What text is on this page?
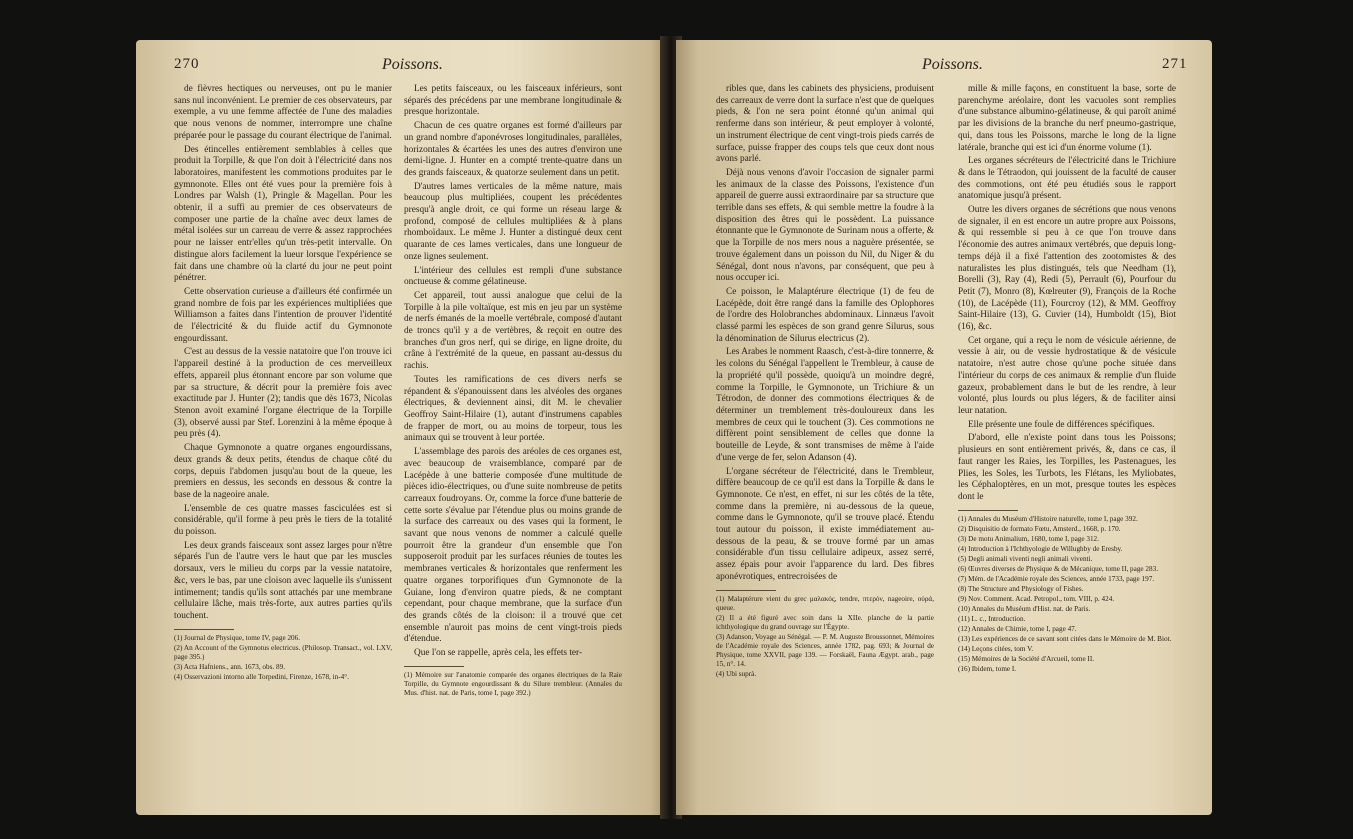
270	Poissons.

de fièvres hectiques ou nerveuses, ont pu le manier sans nul inconvénient. Le premier de ces observateurs, par exemple, a vu une femme affectée de l'une des maladies que nous venons de nommer, interrompre une chaîne préparée pour le passage du courant électrique de l'animal.

Des étincelles entièrement semblables à celles que produit la Torpille, & que l'on doit à l'électricité dans nos laboratoires, manifestent les commotions produites par le gymnonote. Elles ont été vues pour la première fois à Londres par Walsh (1), Pringle & Magellan. Pour les obtenir, il a suffi au premier de ces observateurs de composer une partie de la chaîne avec deux lames de métal isolées sur un carreau de verre & assez rapprochées pour ne laisser entr'elles qu'un très-petit intervalle. On distingue alors facilement la lueur lorsque l'expérience se fait dans une chambre où la clarté du jour ne peut point pénétrer.

Cette observation curieuse a d'ailleurs été confirmée un grand nombre de fois par les expériences multipliées que Williamson a faites dans l'intention de prouver l'identité de l'électricité & du fluide actif du Gymnonote engourdissant.

C'est au dessus de la vessie natatoire que l'on trouve ici l'appareil destiné à la production de ces merveilleux effets, appareil plus étonnant encore par son volume que par sa structure, & décrit pour la première fois avec exactitude par J. Hunter (2); tandis que dès 1673, Nicolas Stenon avoit examiné l'organe électrique de la Torpille (3), observé aussi par Stef. Lorenzini à la même époque à peu près (4).

Chaque Gymnonote a quatre organes engourdissans, deux grands & deux petits, étendus de chaque côté du corps, depuis l'abdomen jusqu'au bout de la queue, les premiers en dessus, les seconds en dessous & contre la base de la nageoire anale.

L'ensemble de ces quatre masses fasciculées est si considérable, qu'il forme à peu près le tiers de la totalité du poisson.

Les deux grands faisceaux sont assez larges pour n'être séparés l'un de l'autre vers le haut que par les muscles dorsaux, vers le milieu du corps par la vessie natatoire, &c, vers le bas, par une cloison avec laquelle ils s'unissent intimement; tandis qu'ils sont attachés par une membrane cellulaire lâche, mais très-forte, aux autres parties qu'ils touchent.

(1) Journal de Physique, tome IV, page 206.

(2) An Account of the Gymnotus electricus. (Philosop. Transact., vol. LXV, page 395.)

(3) Acta Hafniens., ann. 1673, obs. 89.

(4) Osservazioni intorno alle Torpedini, Firenze, 1678, in-4°.

Les petits faisceaux, ou les faisceaux inférieurs, sont séparés des précédens par une membrane longitudinale & presque horizontale.

Chacun de ces quatre organes est formé d'ailleurs par un grand nombre d'aponévroses longitudinales, parallèles, horizontales & écartées les unes des autres d'environ une demi-ligne. J. Hunter en a compté trente-quatre dans un des grands faisceaux, & quatorze seulement dans un petit.

D'autres lames verticales de la même nature, mais beaucoup plus multipliées, coupent les précédentes presqu'à angle droit, ce qui forme un réseau large & profond, composé de cellules multipliées & à plans rhomboïdaux. Le même J. Hunter a distingué deux cent quarante de ces lames verticales, dans une longueur de onze lignes seulement.

L'intérieur des cellules est rempli d'une substance onctueuse & comme gélatineuse.

Cet appareil, tout aussi analogue que celui de la Torpille à la pile voltaïque, est mis en jeu par un système de nerfs émanés de la moelle vertébrale, composé d'autant de troncs qu'il y a de vertèbres, & reçoit en outre des branches d'un gros nerf, qui se dirige, en ligne droite, du crâne à l'extrémité de la queue, en passant au-dessus du rachis.

Toutes les ramifications de ces divers nerfs se répandent & s'épanouissent dans les alvéoles des organes électriques, & deviennent ainsi, dit M. le chevalier Geoffroy Saint-Hilaire (1), autant d'instrumens capables de frapper de mort, ou au moins de torpeur, tous les animaux qui se trouvent à leur portée.

L'assemblage des parois des aréoles de ces organes est, avec beaucoup de vraisemblance, comparé par de Lacépède à une batterie composée d'une multitude de pièces idio-électriques, ou d'une suite nombreuse de petits carreaux foudroyans. Or, comme la force d'une batterie de cette sorte s'évalue par l'étendue plus ou moins grande de la surface des carreaux ou des vases qui la forment, le savant que nous venons de nommer a calculé quelle pourroit être la grandeur d'un ensemble que l'on supposeroit produit par les surfaces réunies de toutes les membranes verticales & horizontales que renferment les quatre organes torporifiques d'un Gymnonote de la Guiane, long d'environ quatre pieds, & ne comptant cependant, pour chaque membrane, que la surface d'un des grands côtés de la cloison: il a trouvé que cet ensemble n'auroit pas moins de cent vingt-trois pieds d'étendue.

Que l'on se rappelle, après cela, les effets ter-

(1) Mémoire sur l'anatomie comparée des organes électriques de la Raie Torpille, du Gymnote engourdissant & du Silure trembleur. (Annales du Mus. d'hist. nat. de Paris, tome I, page 392.)

Poissons.	271

ribles que, dans les cabinets des physiciens, produisent des carreaux de verre dont la surface n'est que de quelques pieds, & l'on ne sera point étonné qu'un animal qui renferme dans son intérieur, & peut employer à volonté, un instrument électrique de cent vingt-trois pieds carrés de surface, puisse frapper des coups tels que ceux dont nous avons parlé.

Déjà nous venons d'avoir l'occasion de signaler parmi les animaux de la classe des Poissons, l'existence d'un appareil de guerre aussi extraordinaire par sa structure que terrible dans ses effets, & qui semble mettre la foudre à la disposition des êtres qui le possèdent. La puissance étonnante que le Gymnonote de Surinam nous a offerte, & que la Torpille de nos mers nous a naguère présentée, se trouve également dans un poisson du Nil, du Niger & du Sénégal, dont nous n'avons, par conséquent, que peu à nous occuper ici.

Ce poisson, le Malaptérure électrique (1) de feu de Lacépède, doit être rangé dans la famille des Oplophores de l'ordre des Holobranches abdominaux. Linnæus l'avoit classé parmi les espèces de son grand genre Silurus, sous la dénomination de Silurus electricus (2).

Les Arabes le nomment Raasch, c'est-à-dire tonnerre, & les colons du Sénégal l'appellent le Trembleur, à cause de la propriété qu'il possède, quoiqu'à un moindre degré, comme la Torpille, le Gymnonote, un Trichiure & un Tétrodon, de donner des commotions électriques & de déterminer un tremblement très-douloureux dans les membres de ceux qui le touchent (3). Ces commotions ne diffèrent point sensiblement de celles que donne la bouteille de Leyde, & sont transmises de même à l'aide d'une verge de fer, selon Adanson (4).

L'organe sécréteur de l'électricité, dans le Trembleur, diffère beaucoup de ce qu'il est dans la Torpille & dans le Gymnonote. Ce n'est, en effet, ni sur les côtés de la tête, comme dans la première, ni au-dessous de la queue, comme dans le Gymnonote, qu'il se trouve placé. Étendu tout autour du poisson, il existe immédiatement au-dessous de la peau, & se trouve formé par un amas considérable d'un tissu cellulaire adipeux, assez serré, assez épais pour avoir l'apparence du lard. Des fibres aponévrotiques, entrecroisées de

(1) Malaptérure vient du grec μαλακός, tendre, πτερόν, nageoire, οὐρά, queue.

(2) Il a été figuré avec soin dans la XIIe. planche de la partie ichthyologique du grand ouvrage sur l'Égypte.

(3) Adanson, Voyage au Sénégal. — P. M. Auguste Broussonnet, Mémoires de l'Académie royale des Sciences, année 1782, pag. 693; & Journal de Physique, tome XXVII, page 139. — Forskaël, Fauna Ægypt. arab., page 15, n°. 14.

(4) Ubi suprà.

mille & mille façons, en constituent la base, sorte de parenchyme aréolaire, dont les vacuoles sont remplies d'une substance albumino-gélatineuse, & qui paroît animé par les divisions de la branche du nerf pneumo-gastrique, qui, dans tous les Poissons, marche le long de la ligne latérale, branche qui est ici d'un énorme volume (1).

Les organes sécréteurs de l'électricité dans le Trichiure & dans le Tétraodon, qui jouissent de la faculté de causer des commotions, ont été peu étudiés sous le rapport anatomique jusqu'à présent.

Outre les divers organes de sécrétions que nous venons de signaler, il en est encore un autre propre aux Poissons, & qui ressemble si peu à ce que l'on trouve dans l'économie des autres animaux vertébrés, que depuis long-temps déjà il a fixé l'attention des zootomistes & des naturalistes les plus distingués, tels que Needham (1), Borelli (3), Ray (4), Redi (5), Perrault (6), Pourfour du Petit (7), Monro (8), Kœlreuter (9), François de la Roche (10), de Lacépède (11), Fourcroy (12), & MM. Geoffroy Saint-Hilaire (13), G. Cuvier (14), Humboldt (15), Biot (16), &c.

Cet organe, qui a reçu le nom de vésicule aérienne, de vessie à air, ou de vessie hydrostatique & de vésicule natatoire, n'est autre chose qu'une poche située dans l'intérieur du corps de ces animaux & remplie d'un fluide gazeux, probablement dans le but de les rendre, à leur volonté, plus lourds ou plus légers, & de faciliter ainsi leur natation.

Elle présente une foule de différences spécifiques.

D'abord, elle n'existe point dans tous les Poissons; plusieurs en sont entièrement privés, &, dans ce cas, il faut ranger les Raies, les Torpilles, les Pastenagues, les Plies, les Soles, les Turbots, les Flétans, les Myliobates, les Céphaloptères, en un mot, presque toutes les espèces dont le

(1) Annales du Muséum d'Histoire naturelle, tome I, page 392.

(2) Disquisitio de formato Fœtu, Amsterd., 1668, p. 170.

(3) De motu Animalium, 1680, tome I, page 312.

(4) Introduction à l'Ichthyologie de Willughby de Eresby.

(5) Degli animali viventi negli animali viventi.

(6) Œuvres diverses de Physique & de Mécanique, tome II, page 283.

(7) Mém. de l'Académie royale des Sciences, année 1733, page 197.

(8) The Structure and Physiology of Fishes.

(9) Nov. Comment. Acad. Petropol., tom. VIII, p. 424.

(10) Annales du Muséum d'Hist. nat. de Paris.

(11) L. c., Introduction.

(12) Annales de Chimie, tome I, page 47.

(13) Les expériences de ce savant sont citées dans le Mémoire de M. Biot.

(14) Leçons citées, tom V.

(15) Mémoires de la Société d'Arcueil, tome II.

(16) Ibidem, tome I.
